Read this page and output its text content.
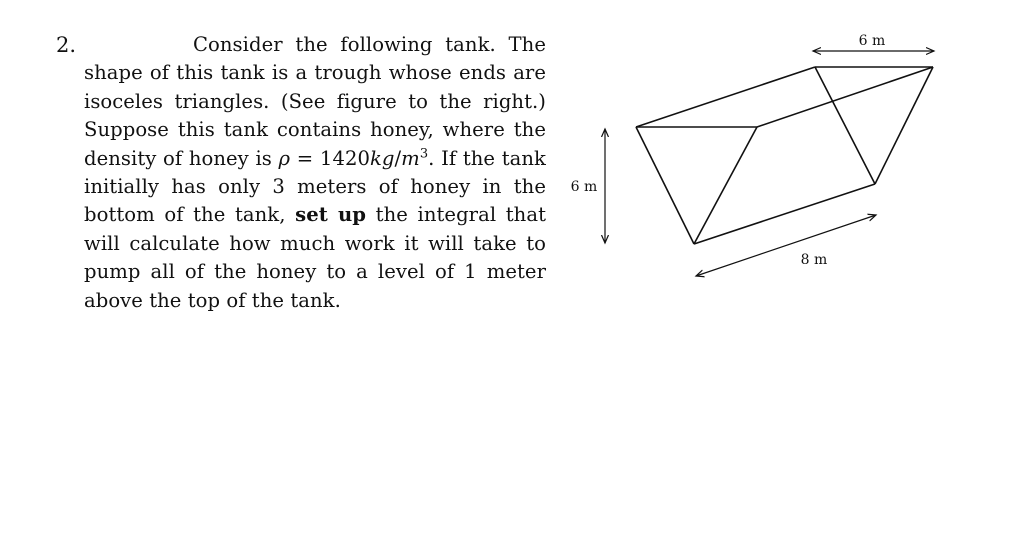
2.	Consider the following tank. The shape of this tank is a trough whose ends are isoceles triangles. (See figure to the right.) Suppose this tank contains honey, where the density of honey is $\rho = 1420kg/m^3$. If the tank initially has only 3 meters of honey in the bottom of the tank, set up the integral that will calculate how much work it will take to pump all of the honey to a level of 1 meter above the top of the tank.
6 m
6 m
8 m
